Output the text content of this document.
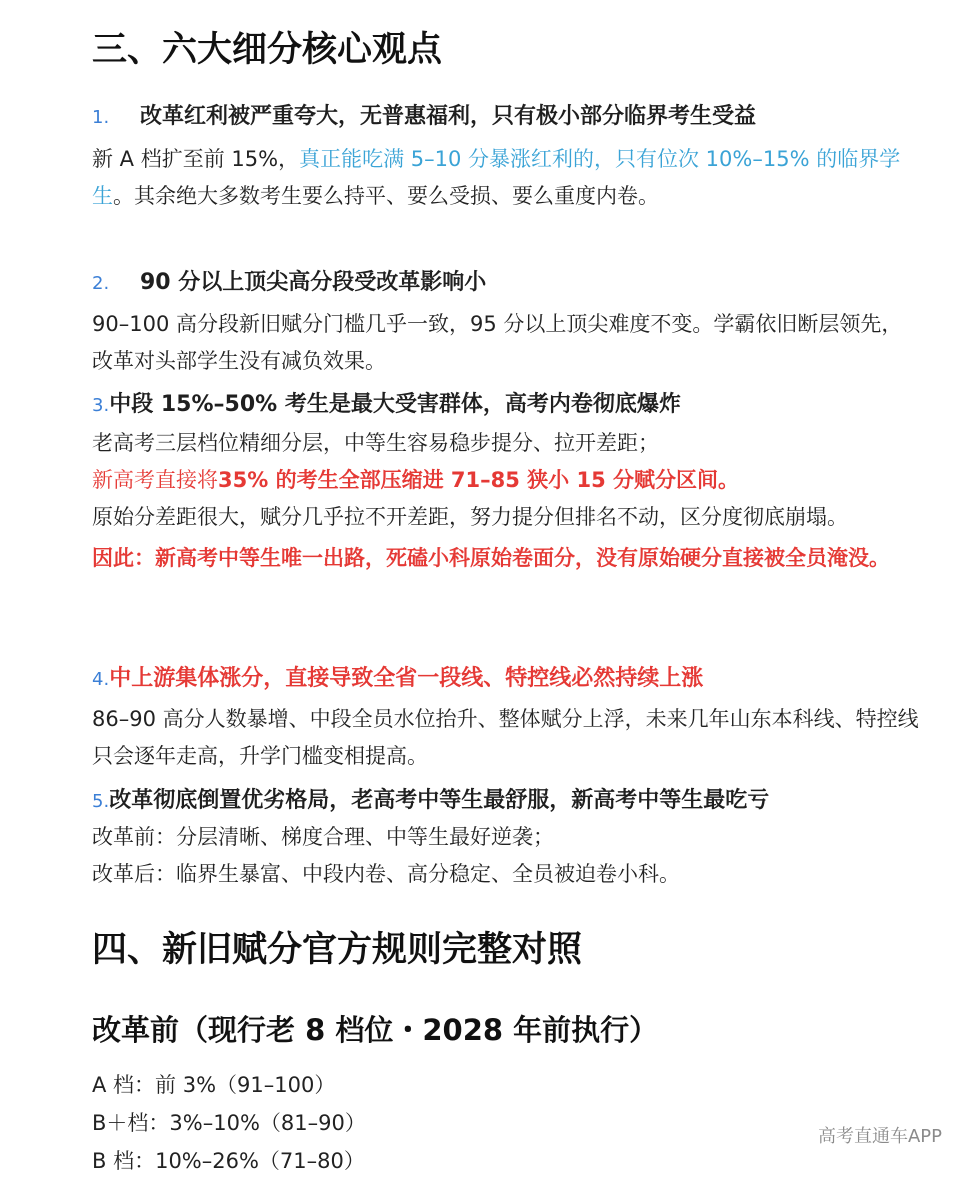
三、六大细分核心观点
1. 改革红利被严重夸大，无普惠福利，只有极小部分临界考生受益

新 A 档扩至前 15%，真正能吃满 5–10 分暴涨红利的，只有位次 10%–15% 的临界学生。其余绝大多数考生要么持平、要么受损、要么重度内卷。

2. 90 分以上顶尖高分段受改革影响小

90–100 高分段新旧赋分门槛几乎一致，95 分以上顶尖难度不变。学霸依旧断层领先，改革对头部学生没有减负效果。

3.中段 15%–50% 考生是最大受害群体，高考内卷彻底爆炸

老高考三层档位精细分层，中等生容易稳步提分、拉开差距；

新高考直接将35% 的考生全部压缩进 71–85 狭小 15 分赋分区间。

原始分差距很大，赋分几乎拉不开差距，努力提分但排名不动，区分度彻底崩塌。

因此：新高考中等生唯一出路，死磕小科原始卷面分，没有原始硬分直接被全员淹没。

4.中上游集体涨分，直接导致全省一段线、特控线必然持续上涨

86–90 高分人数暴增、中段全员水位抬升、整体赋分上浮，未来几年山东本科线、特控线只会逐年走高，升学门槛变相提高。

5.改革彻底倒置优劣格局，老高考中等生最舒服，新高考中等生最吃亏

改革前：分层清晰、梯度合理、中等生最好逆袭；

改革后：临界生暴富、中段内卷、高分稳定、全员被迫卷小科。

四、新旧赋分官方规则完整对照
改革前（现行老 8 档位・2028 年前执行）

A 档：前 3%（91–100）

B＋档：3%–10%（81–90）

B 档：10%–26%（71–80）

高考直通车APP
